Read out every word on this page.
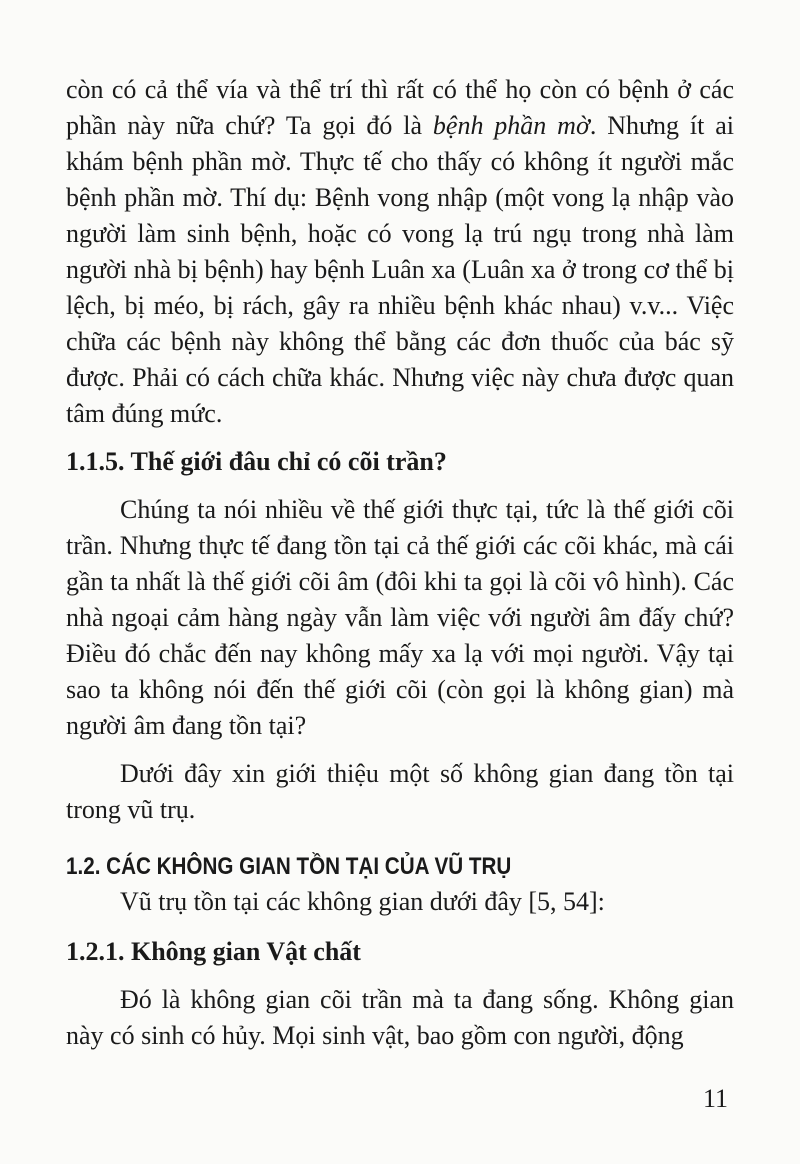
còn có cả thể vía và thể trí thì rất có thể họ còn có bệnh ở các phần này nữa chứ? Ta gọi đó là bệnh phần mờ. Nhưng ít ai khám bệnh phần mờ. Thực tế cho thấy có không ít người mắc bệnh phần mờ. Thí dụ: Bệnh vong nhập (một vong lạ nhập vào người làm sinh bệnh, hoặc có vong lạ trú ngụ trong nhà làm người nhà bị bệnh) hay bệnh Luân xa (Luân xa ở trong cơ thể bị lệch, bị méo, bị rách, gây ra nhiều bệnh khác nhau) v.v... Việc chữa các bệnh này không thể bằng các đơn thuốc của bác sỹ được. Phải có cách chữa khác. Nhưng việc này chưa được quan tâm đúng mức.

1.1.5. Thế giới đâu chỉ có cõi trần?

Chúng ta nói nhiều về thế giới thực tại, tức là thế giới cõi trần. Nhưng thực tế đang tồn tại cả thế giới các cõi khác, mà cái gần ta nhất là thế giới cõi âm (đôi khi ta gọi là cõi vô hình). Các nhà ngoại cảm hàng ngày vẫn làm việc với người âm đấy chứ? Điều đó chắc đến nay không mấy xa lạ với mọi người. Vậy tại sao ta không nói đến thế giới cõi (còn gọi là không gian) mà người âm đang tồn tại?

Dưới đây xin giới thiệu một số không gian đang tồn tại trong vũ trụ.

1.2. CÁC KHÔNG GIAN TỒN TẠI CỦA VŨ TRỤ

Vũ trụ tồn tại các không gian dưới đây [5, 54]:

1.2.1. Không gian Vật chất

Đó là không gian cõi trần mà ta đang sống. Không gian này có sinh có hủy. Mọi sinh vật, bao gồm con người, động

11
